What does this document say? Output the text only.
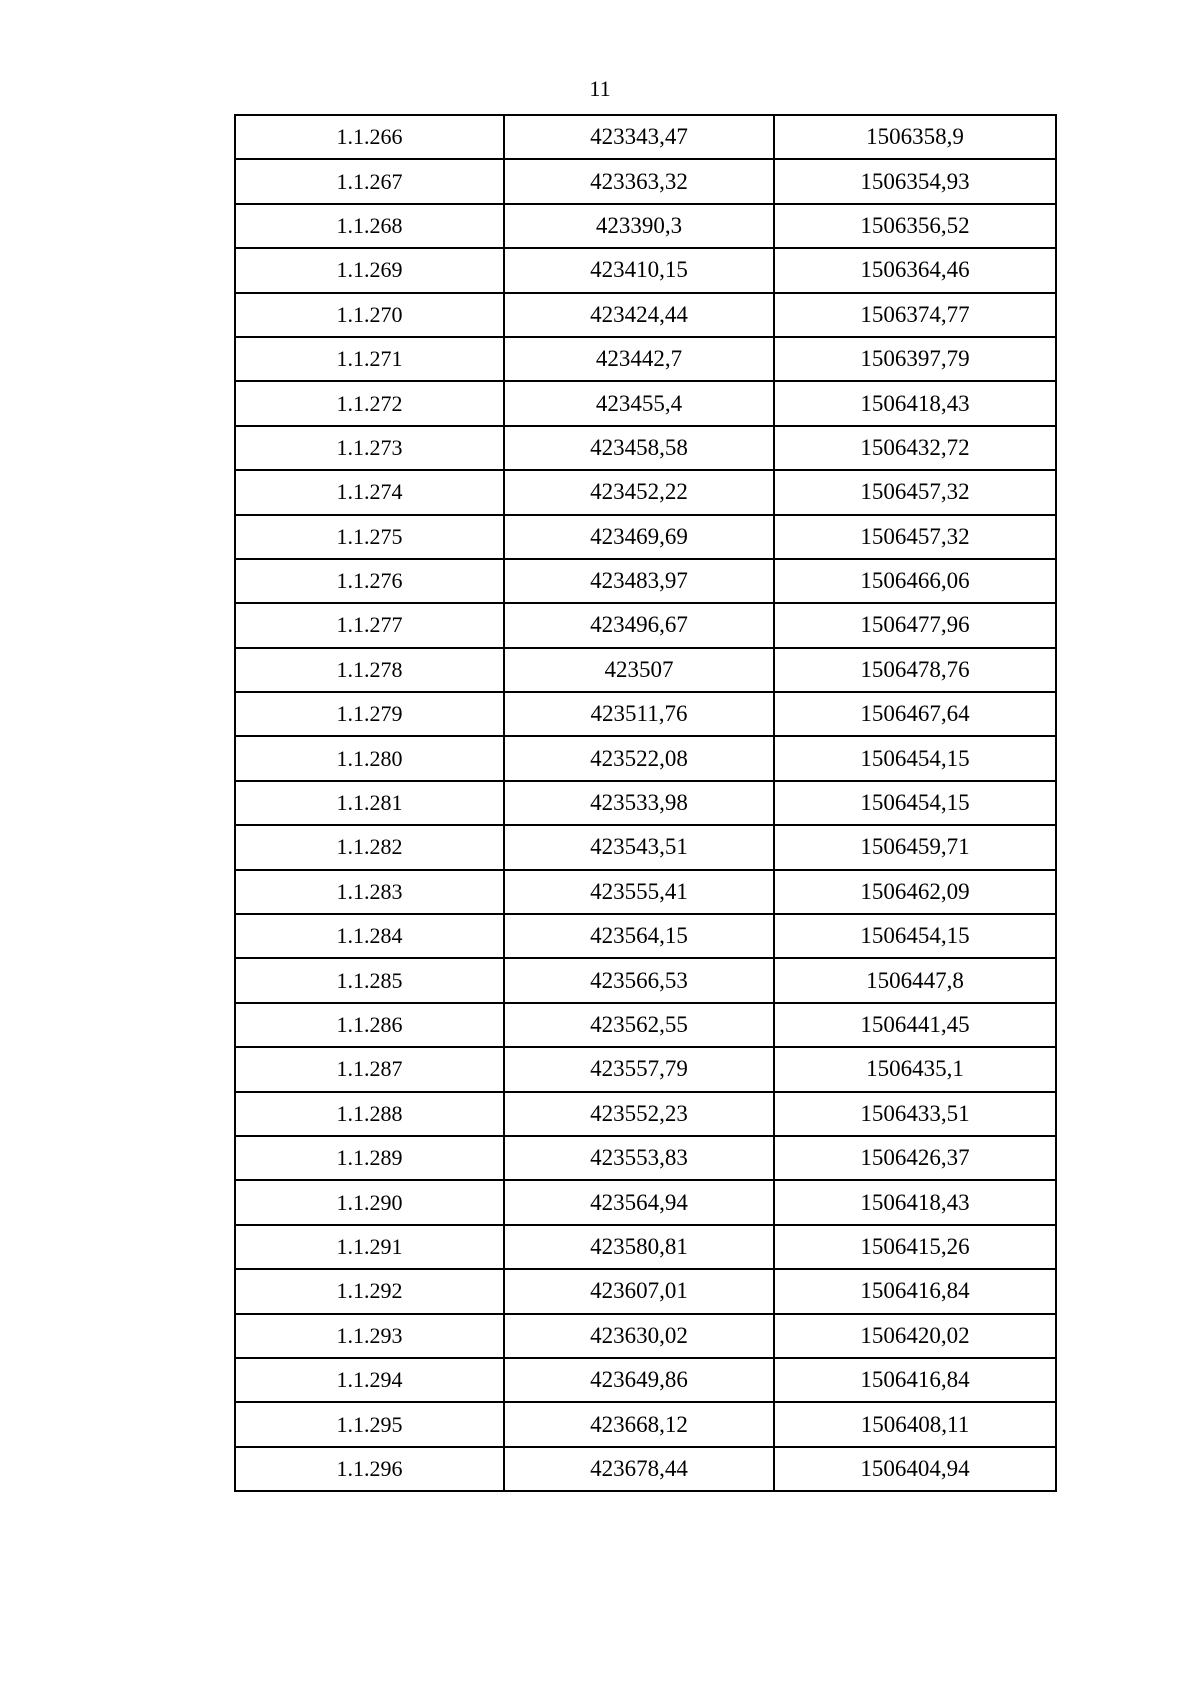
11
1.1.266	423343,47	1506358,9
1.1.267	423363,32	1506354,93
1.1.268	423390,3	1506356,52
1.1.269	423410,15	1506364,46
1.1.270	423424,44	1506374,77
1.1.271	423442,7	1506397,79
1.1.272	423455,4	1506418,43
1.1.273	423458,58	1506432,72
1.1.274	423452,22	1506457,32
1.1.275	423469,69	1506457,32
1.1.276	423483,97	1506466,06
1.1.277	423496,67	1506477,96
1.1.278	423507	1506478,76
1.1.279	423511,76	1506467,64
1.1.280	423522,08	1506454,15
1.1.281	423533,98	1506454,15
1.1.282	423543,51	1506459,71
1.1.283	423555,41	1506462,09
1.1.284	423564,15	1506454,15
1.1.285	423566,53	1506447,8
1.1.286	423562,55	1506441,45
1.1.287	423557,79	1506435,1
1.1.288	423552,23	1506433,51
1.1.289	423553,83	1506426,37
1.1.290	423564,94	1506418,43
1.1.291	423580,81	1506415,26
1.1.292	423607,01	1506416,84
1.1.293	423630,02	1506420,02
1.1.294	423649,86	1506416,84
1.1.295	423668,12	1506408,11
1.1.296	423678,44	1506404,94
